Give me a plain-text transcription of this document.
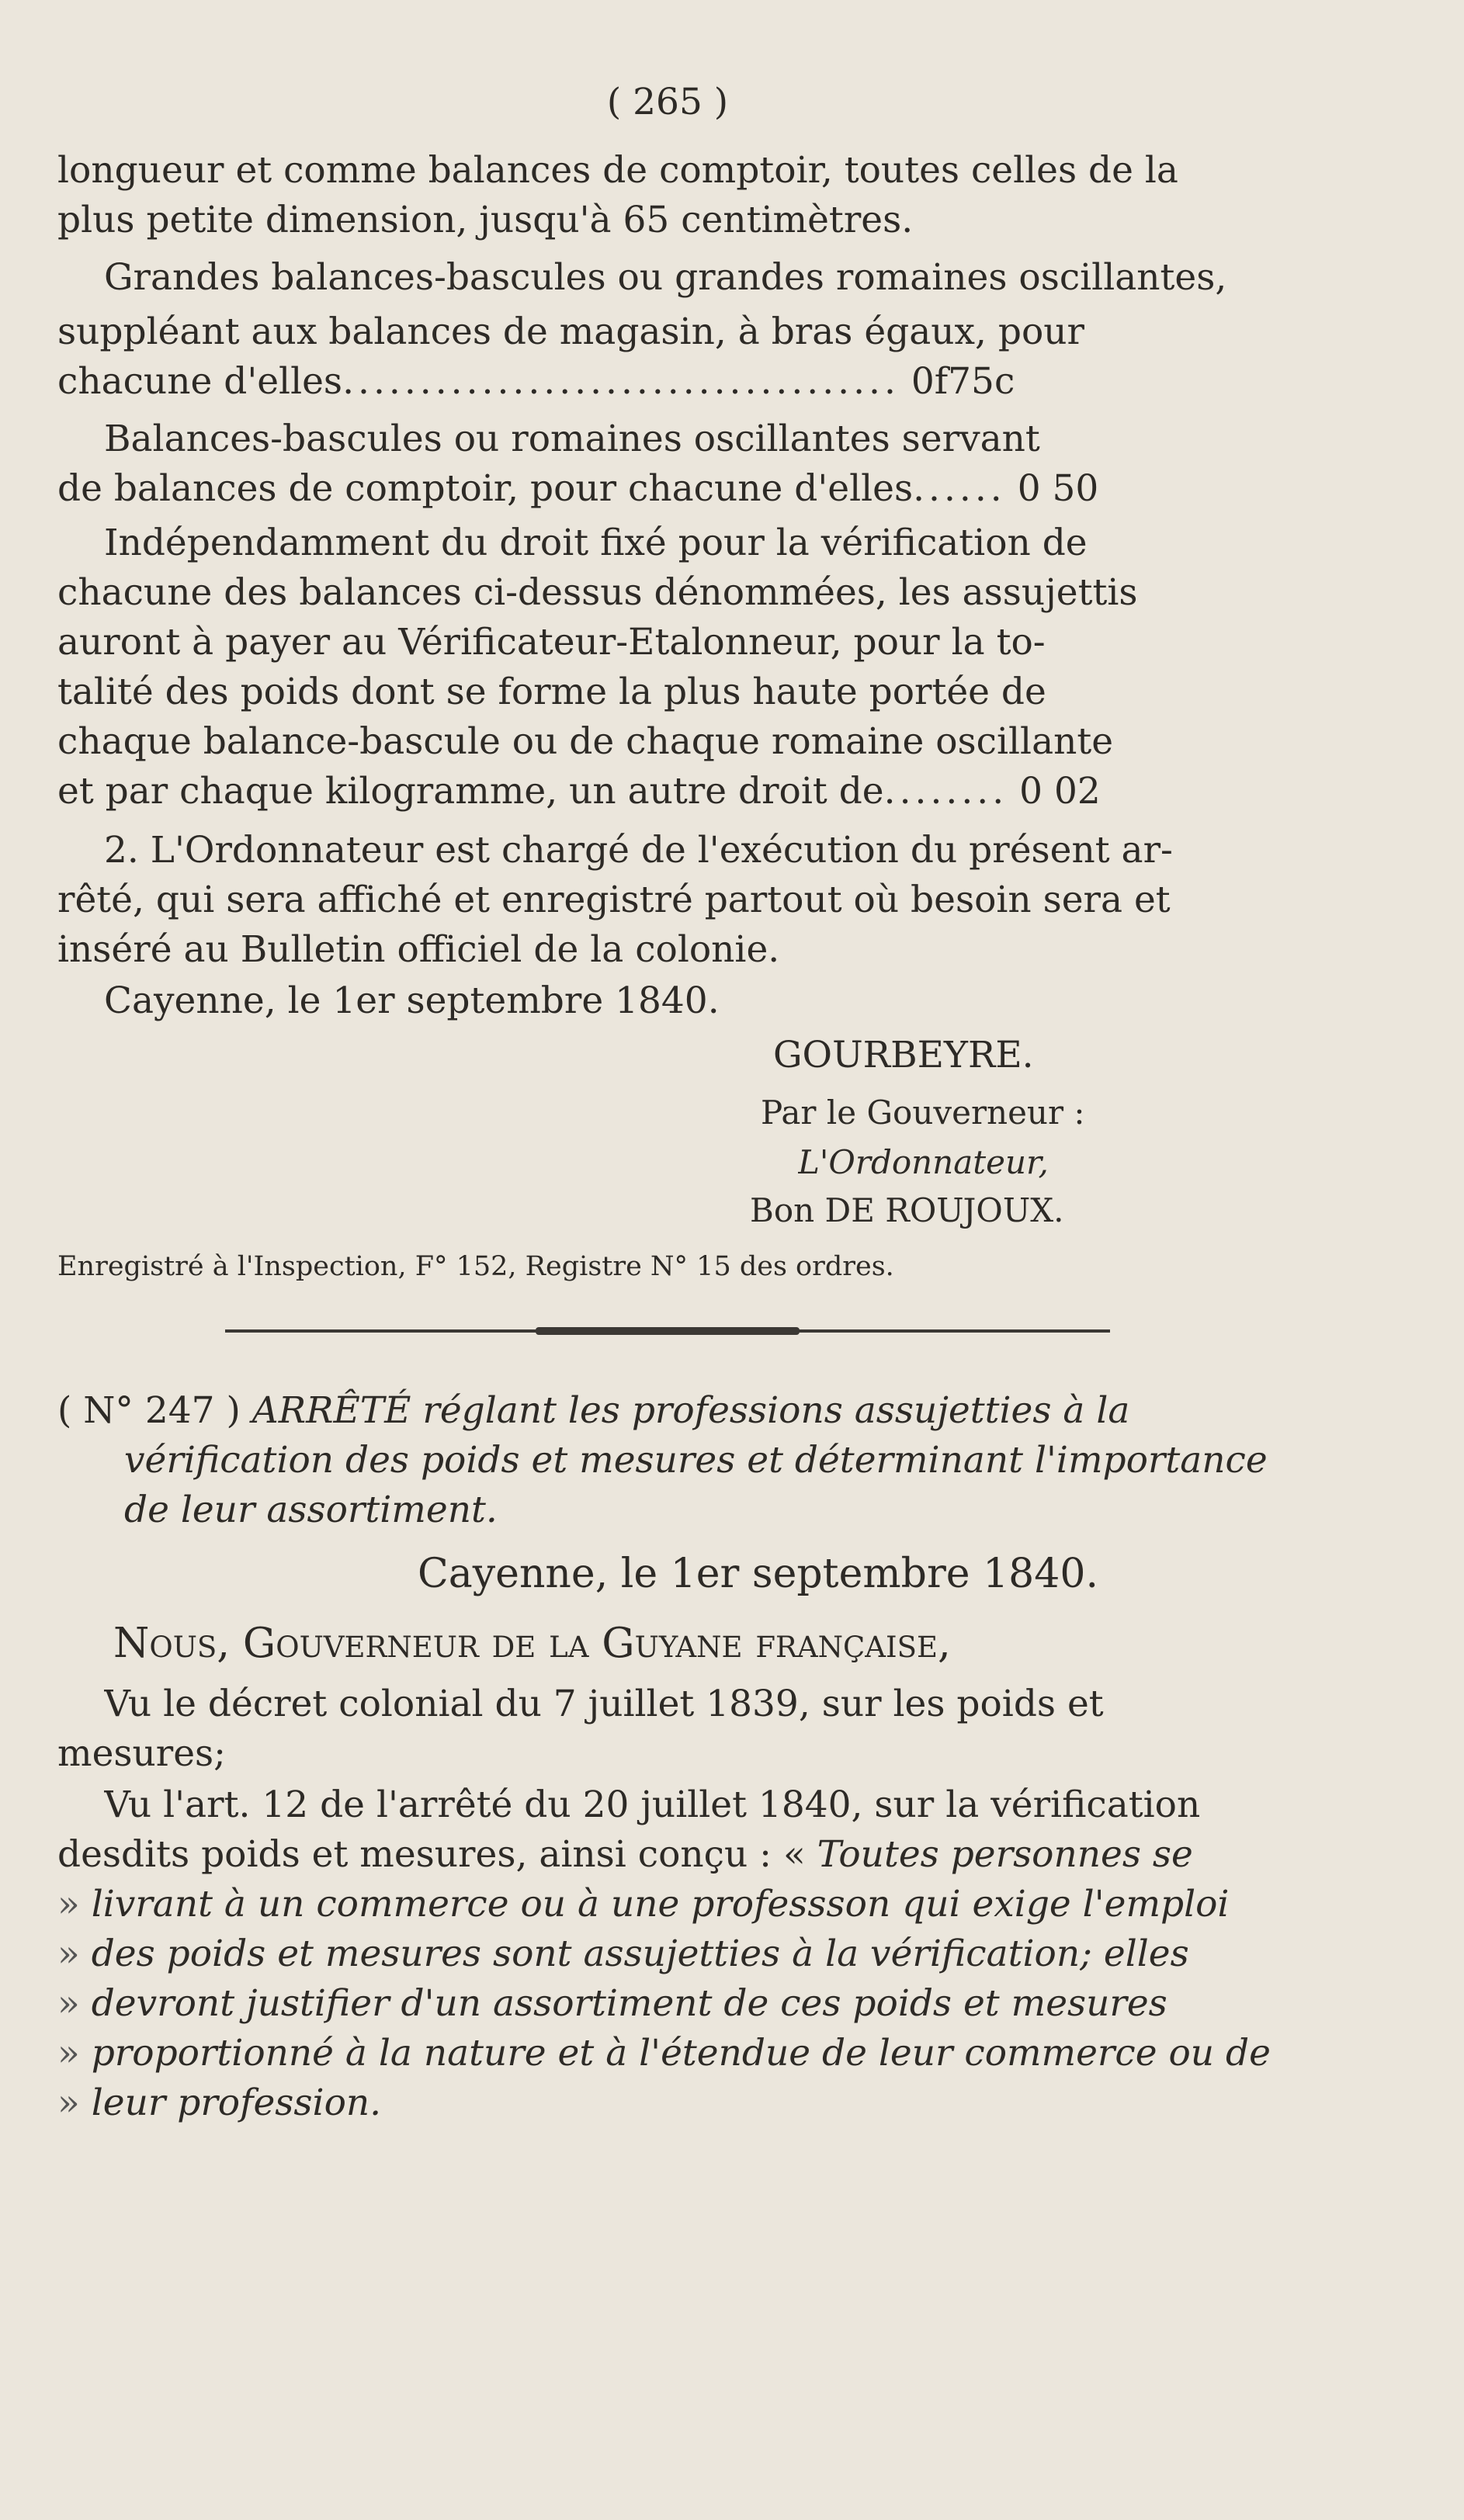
( 265 )
longueur et comme balances de comptoir, toutes celles de la
plus petite dimension, jusqu'à 65 centimètres.
Grandes balances-bascules ou grandes romaines oscillantes,
suppléant aux balances de magasin, à bras égaux, pour
chacune d'elles.................................... 0f75c
Balances-bascules ou romaines oscillantes servant
de balances de comptoir, pour chacune d'elles...... 0 50
Indépendamment du droit fixé pour la vérification de
chacune des balances ci-dessus dénommées, les assujettis
auront à payer au Vérificateur-Etalonneur, pour la to-
talité des poids dont se forme la plus haute portée de
chaque balance-bascule ou de chaque romaine oscillante
et par chaque kilogramme, un autre droit de........ 0 02
2. L'Ordonnateur est chargé de l'exécution du présent ar-
rêté, qui sera affiché et enregistré partout où besoin sera et
inséré au Bulletin officiel de la colonie.
Cayenne, le 1er septembre 1840.
GOURBEYRE.
Par le Gouverneur :
L'Ordonnateur,
Bon DE ROUJOUX.
Enregistré à l'Inspection, F° 152, Registre N° 15 des ordres.
( N° 247 ) ARRÊTÉ réglant les professions assujetties à la
vérification des poids et mesures et déterminant l'importance
de leur assortiment.
Cayenne, le 1er septembre 1840.
Nous, Gouverneur de la Guyane française,
Vu le décret colonial du 7 juillet 1839, sur les poids et
mesures;
Vu l'art. 12 de l'arrêté du 20 juillet 1840, sur la vérification
desdits poids et mesures, ainsi conçu : « Toutes personnes se
» livrant à un commerce ou à une professson qui exige l'emploi
» des poids et mesures sont assujetties à la vérification; elles
» devront justifier d'un assortiment de ces poids et mesures
» proportionné à la nature et à l'étendue de leur commerce ou de
» leur profession.
